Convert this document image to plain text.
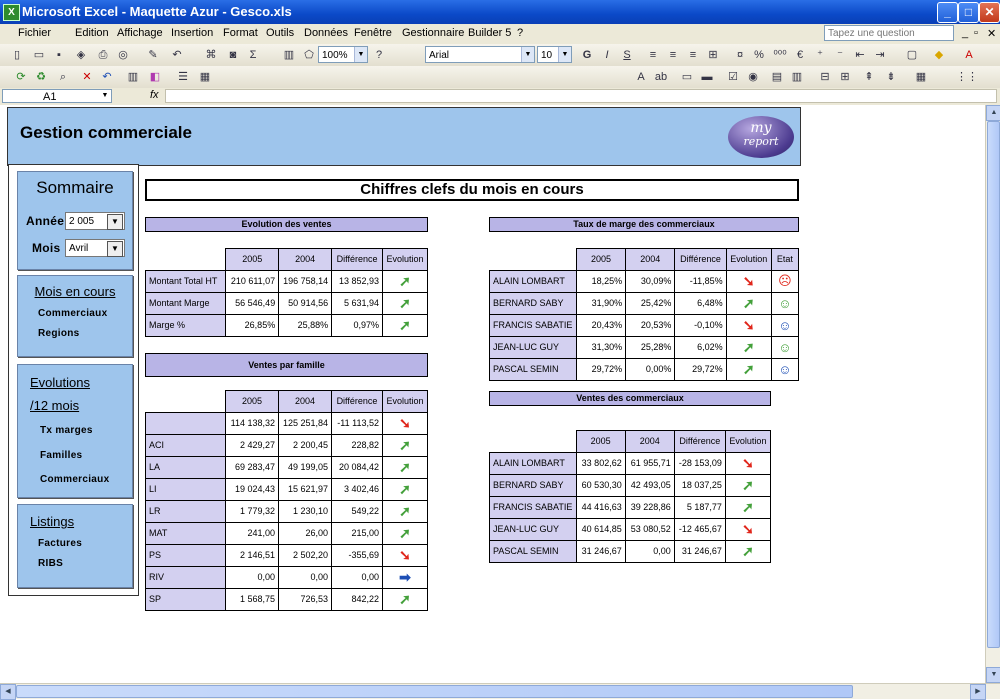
X Microsoft Excel - Maquette Azur - Gesco.xls	_	□	✕
Fichier Edition Affichage Insertion Format Outils Données Fenêtre Gestionnaire Builder 5 ?	Tapez une question	_ ▫ ✕
▯	▭	▪	◈ ⎙ ◎ ✎ ↶ ⌘	◙	Σ	▥ ⬠ 100%	▼	?	Arial	▼ 10	▼ G	I	S	≡	≡	≡	⊞	¤	% ⁰⁰⁰ €	⁺	⁻	⇤ ⇥ ▢ ◆	A
⟳ ♻	⌕	✕ ↶ ▥ ◧ ☰ ▦	A ab ▭ ▬ ☑ ◉ ▤ ▥ ⊟ ⊞ ⇞ ⇟ ▦	⋮⋮
A1	▼	fx
Gestion commerciale	my
report
Sommaire
Année 2 005	▼
Mois Avril	▼
Mois en cours
Commerciaux
Regions
Evolutions
/12 mois
Tx marges
Familles
Commerciaux
Listings
Factures
RIBS
Chiffres clefs du mois en cours
Evolution des ventes
Ventes par famille
Taux de marge des commerciaux
Ventes des commerciaux
	2005	2004	Différence	Evolution
Montant Total HT	210 611,07	196 758,14	13 852,93	➚
Montant Marge	56 546,49	50 914,56	5 631,94	➚
Marge %	26,85%	25,88%	0,97%	➚
	2005	2004	Différence	Evolution
	114 138,32	125 251,84	-11 113,52	➘
ACI	2 429,27	2 200,45	228,82	➚
LA	69 283,47	49 199,05	20 084,42	➚
LI	19 024,43	15 621,97	3 402,46	➚
LR	1 779,32	1 230,10	549,22	➚
MAT	241,00	26,00	215,00	➚
PS	2 146,51	2 502,20	-355,69	➘
RIV	0,00	0,00	0,00	➡
SP	1 568,75	726,53	842,22	➚
	2005	2004	Différence	Evolution	Etat
ALAIN LOMBART	18,25%	30,09%	-11,85%	➘	☹
BERNARD SABY	31,90%	25,42%	6,48%	➚	☺
FRANCIS SABATIE	20,43%	20,53%	-0,10%	➘	☺
JEAN-LUC GUY	31,30%	25,28%	6,02%	➚	☺
PASCAL SEMIN	29,72%	0,00%	29,72%	➚	☺
	2005	2004	Différence	Evolution
ALAIN LOMBART	33 802,62	61 955,71	-28 153,09	➘
BERNARD SABY	60 530,30	42 493,05	18 037,25	➚
FRANCIS SABATIE	44 416,63	39 228,86	5 187,77	➚
JEAN-LUC GUY	40 614,85	53 080,52	-12 465,67	➘
PASCAL SEMIN	31 246,67	0,00	31 246,67	➚
▲
▼
◀	▶
